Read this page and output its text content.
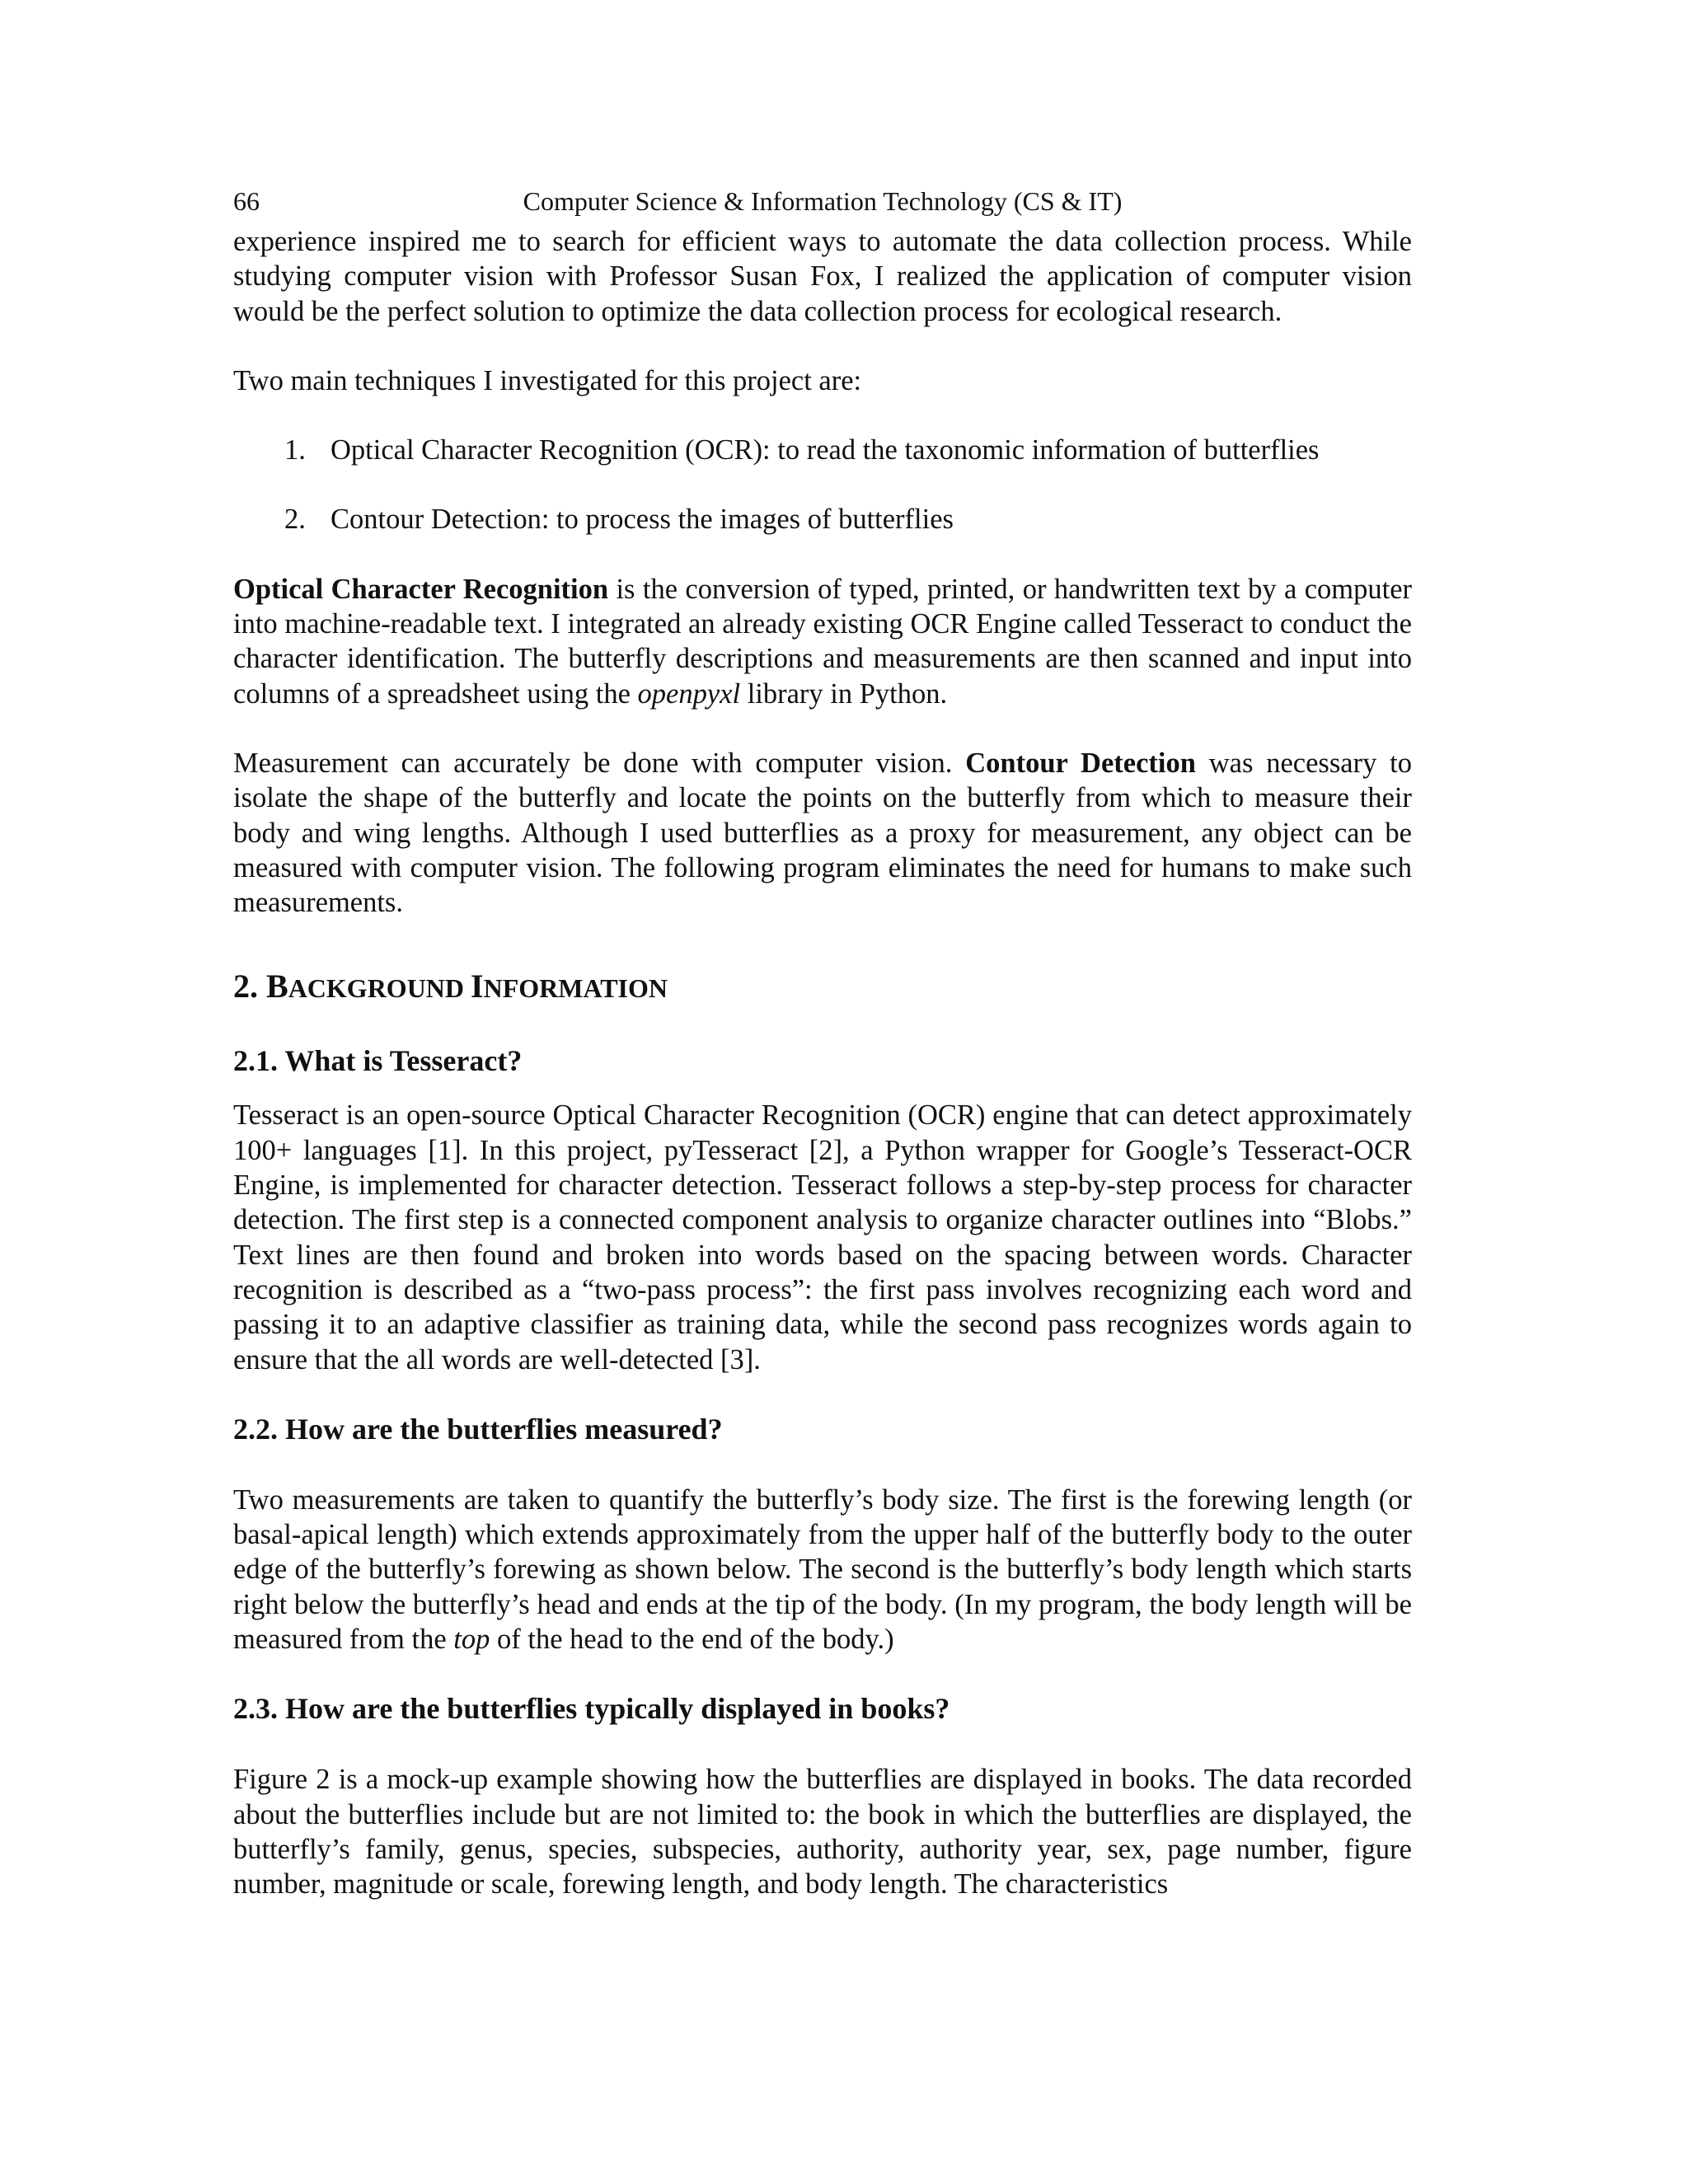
66	Computer Science & Information Technology (CS & IT)

experience inspired me to search for efficient ways to automate the data collection process. While studying computer vision with Professor Susan Fox, I realized the application of computer vision would be the perfect solution to optimize the data collection process for ecological research.

Two main techniques I investigated for this project are:

1. Optical Character Recognition (OCR): to read the taxonomic information of butterflies
2. Contour Detection: to process the images of butterflies

Optical Character Recognition is the conversion of typed, printed, or handwritten text by a computer into machine-readable text. I integrated an already existing OCR Engine called Tesseract to conduct the character identification. The butterfly descriptions and measurements are then scanned and input into columns of a spreadsheet using the openpyxl library in Python.

Measurement can accurately be done with computer vision. Contour Detection was necessary to isolate the shape of the butterfly and locate the points on the butterfly from which to measure their body and wing lengths. Although I used butterflies as a proxy for measurement, any object can be measured with computer vision. The following program eliminates the need for humans to make such measurements.

2. BACKGROUND INFORMATION
2.1. What is Tesseract?

Tesseract is an open-source Optical Character Recognition (OCR) engine that can detect approximately 100+ languages [1]. In this project, pyTesseract [2], a Python wrapper for Google’s Tesseract-OCR Engine, is implemented for character detection. Tesseract follows a step-by-step process for character detection. The first step is a connected component analysis to organize character outlines into “Blobs.” Text lines are then found and broken into words based on the spacing between words. Character recognition is described as a “two-pass process”: the first pass involves recognizing each word and passing it to an adaptive classifier as training data, while the second pass recognizes words again to ensure that the all words are well-detected [3].

2.2. How are the butterflies measured?

Two measurements are taken to quantify the butterfly’s body size. The first is the forewing length (or basal-apical length) which extends approximately from the upper half of the butterfly body to the outer edge of the butterfly’s forewing as shown below. The second is the butterfly’s body length which starts right below the butterfly’s head and ends at the tip of the body. (In my program, the body length will be measured from the top of the head to the end of the body.)

2.3. How are the butterflies typically displayed in books?

Figure 2 is a mock-up example showing how the butterflies are displayed in books. The data recorded about the butterflies include but are not limited to: the book in which the butterflies are displayed, the butterfly’s family, genus, species, subspecies, authority, authority year, sex, page number, figure number, magnitude or scale, forewing length, and body length. The characteristics
